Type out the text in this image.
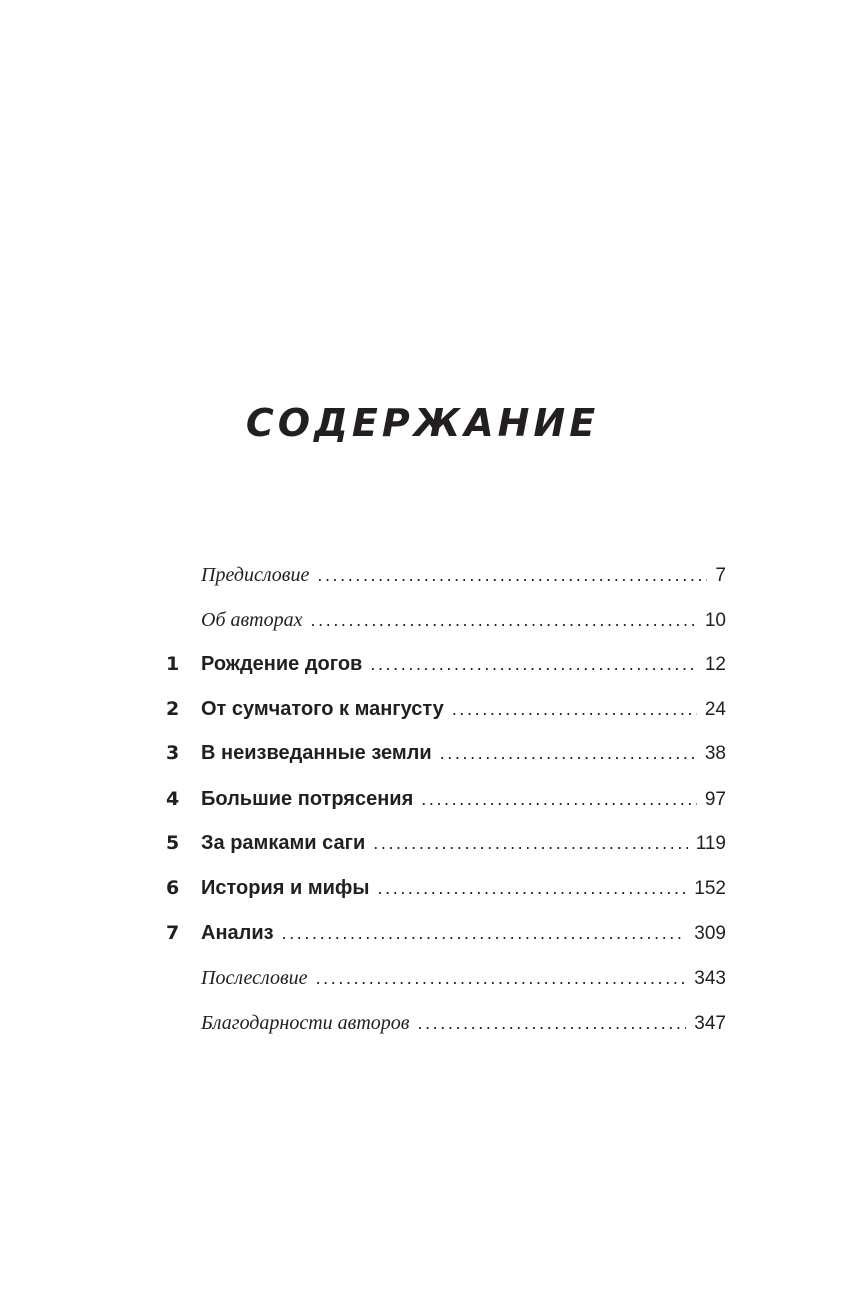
СОДЕРЖАНИЕ
Предисловие . . .	7
Об авторах . . .	10
1 Рождение догов . . .	12
2 От сумчатого к мангусту . . .	24
3 В неизведанные земли . . .	38
4 Большие потрясения . . .	97
5 За рамками саги . . .	119
6 История и мифы . . .	152
7 Анализ . . .	309
Послесловие . . .	343
Благодарности авторов . . .	347
